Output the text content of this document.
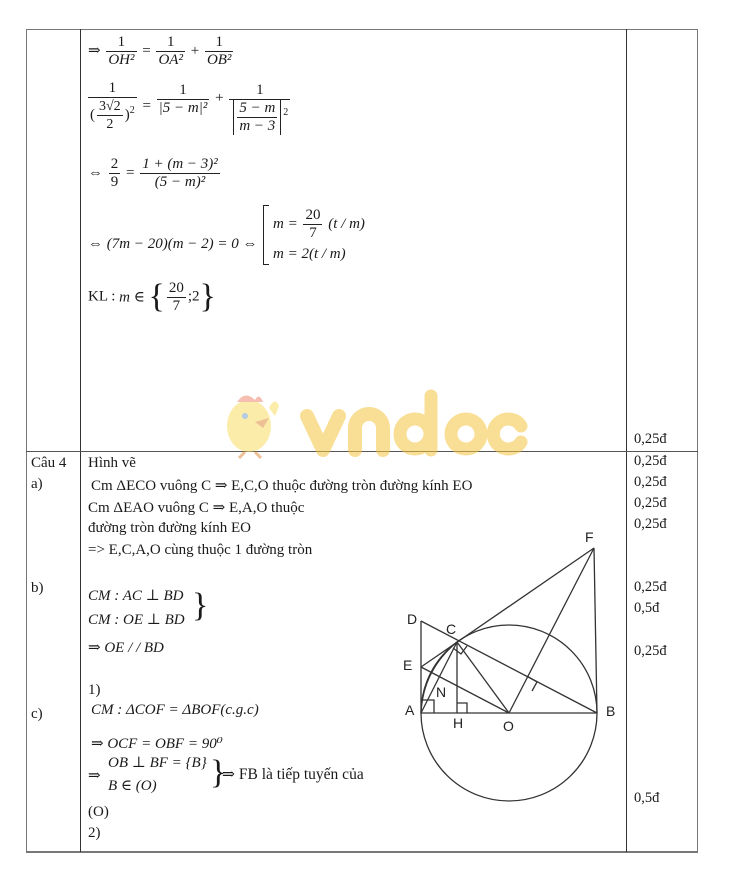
⇒ $\frac{1}{\text{OH²}} = \frac{1}{\text{OA²}} + \frac{1}{\text{OB²}}$
$\frac{1}{( \frac{3√2}{2} )^2} = \frac{1}{\text{|5 − m|²}} + \frac{1}{\frac{5 - m}{m - 3} ^2}$
⇔ $\frac{2}{9} = \frac{\text{1 + (m − 3)²}}{\text{(5 − m)²}}$
⇔ (7m − 20)(m − 2) = 0 ⇔
$m = \frac{20}{7} (t / m)$
m = 2(t / m)
KL : m ∈ { $\frac{20}{7}$ ;2}
0,25đ
Câu 4
a)
b)
c)
Hình vẽ
Cm ΔECO vuông C ⇒ E,C,O thuộc đường tròn đường kính EO
Cm ΔEAO vuông C ⇒ E,A,O thuộc
đường tròn đường kính EO
=> E,C,A,O cùng thuộc 1 đường tròn
CM : AC ⊥ BD
CM : OE ⊥ BD }
⇒ OE / / BD
1)
CM : ΔCOF = ΔBOF(c.g.c)
⇒ OCF = OBF = 90⁰
⇒
OB ⊥ BF = {B}
B ∈ (O) }
⇒ FB là tiếp tuyến của
(O)
2)
0,25đ
0,25đ
0,25đ
0,25đ
0,25đ
0,5đ
0,25đ
0,5đ
D
C
E
F
N
A
H	O
B
